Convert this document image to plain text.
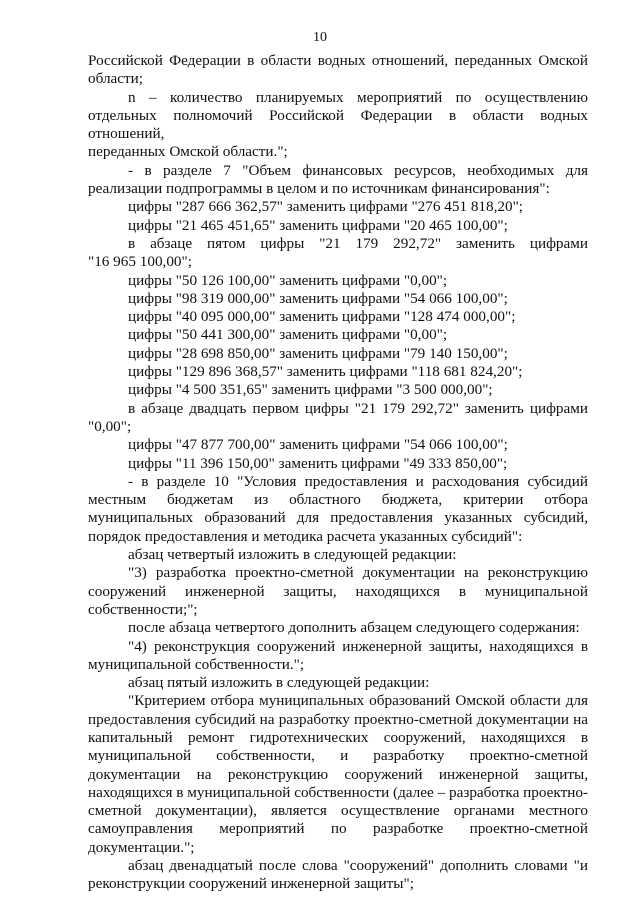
10

Российской Федерации в области водных отношений, переданных Омской

области;

n – количество планируемых мероприятий по осуществлению

отдельных полномочий Российской Федерации в области водных отношений,

переданных Омской области.";

- в разделе 7 "Объем финансовых ресурсов, необходимых для

реализации подпрограммы в целом и по источникам финансирования":

цифры "287 666 362,57" заменить цифрами "276 451 818,20";

цифры "21 465 451,65" заменить цифрами "20 465 100,00";

в абзаце пятом цифры "21 179 292,72" заменить цифрами

"16 965 100,00";

цифры "50 126 100,00" заменить цифрами "0,00";

цифры "98 319 000,00" заменить цифрами "54 066 100,00";

цифры "40 095 000,00" заменить цифрами "128 474 000,00";

цифры "50 441 300,00" заменить цифрами "0,00";

цифры "28 698 850,00" заменить цифрами "79 140 150,00";

цифры "129 896 368,57" заменить цифрами "118 681 824,20";

цифры "4 500 351,65" заменить цифрами "3 500 000,00";

в абзаце двадцать первом цифры "21 179 292,72" заменить цифрами

"0,00";

цифры "47 877 700,00" заменить цифрами "54 066 100,00";

цифры "11 396 150,00" заменить цифрами "49 333 850,00";

- в разделе 10 "Условия предоставления и расходования субсидий

местным бюджетам из областного бюджета, критерии отбора

муниципальных образований для предоставления указанных субсидий,

порядок предоставления и методика расчета указанных субсидий":

абзац четвертый изложить в следующей редакции:

"3) разработка проектно-сметной документации на реконструкцию

сооружений инженерной защиты, находящихся в муниципальной

собственности;";

после абзаца четвертого дополнить абзацем следующего содержания:

"4) реконструкция сооружений инженерной защиты, находящихся в

муниципальной собственности.";

абзац пятый изложить в следующей редакции:

"Критерием отбора муниципальных образований Омской области для

предоставления субсидий на разработку проектно-сметной документации на

капитальный ремонт гидротехнических сооружений, находящихся в

муниципальной собственности, и разработку проектно-сметной

документации на реконструкцию сооружений инженерной защиты,

находящихся в муниципальной собственности (далее – разработка проектно-

сметной документации), является осуществление органами местного

самоуправления мероприятий по разработке проектно-сметной

документации.";

абзац двенадцатый после слова "сооружений" дополнить словами "и

реконструкции сооружений инженерной защиты";
